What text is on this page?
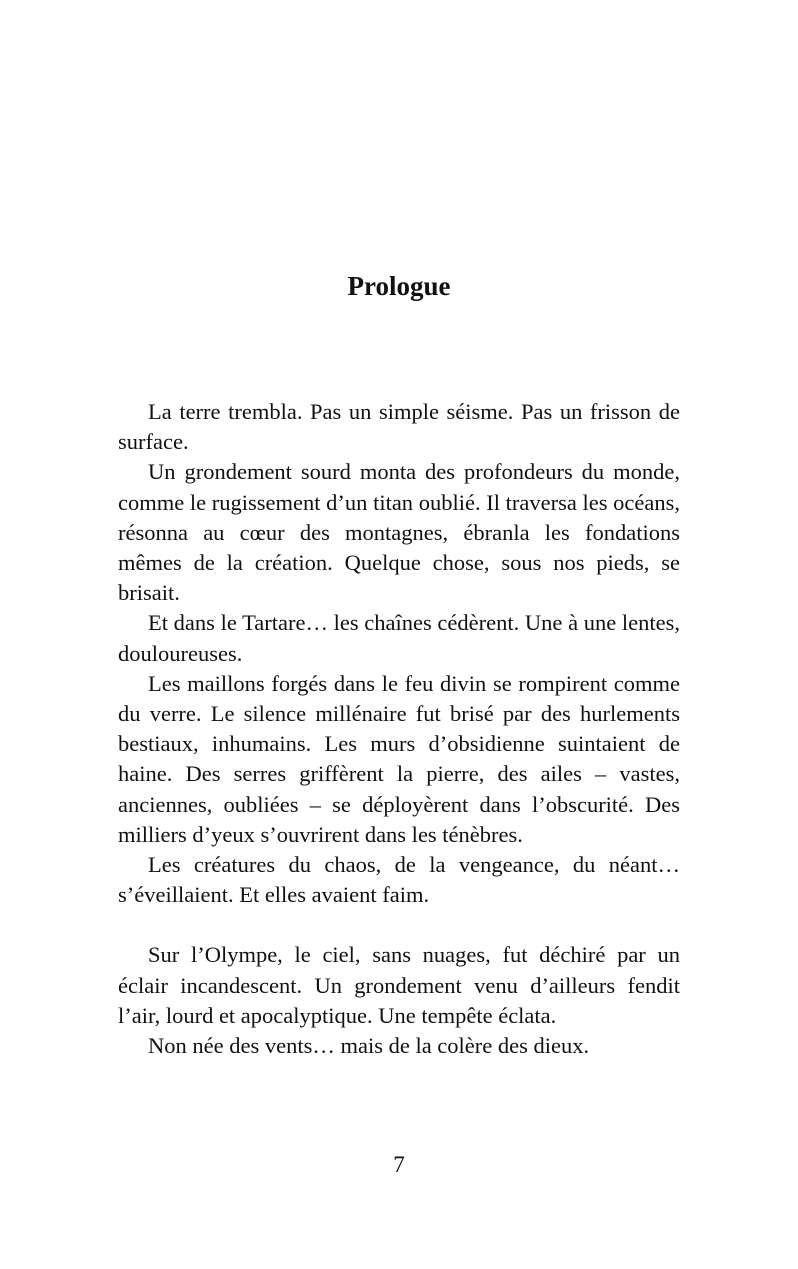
Prologue

La terre trembla. Pas un simple séisme. Pas un frisson de surface.

Un grondement sourd monta des profondeurs du monde, comme le rugissement d’un titan oublié. Il traversa les océans, résonna au cœur des montagnes, ébranla les fondations mêmes de la création. Quelque chose, sous nos pieds, se brisait.

Et dans le Tartare… les chaînes cédèrent. Une à une lentes, douloureuses.

Les maillons forgés dans le feu divin se rompirent comme du verre. Le silence millénaire fut brisé par des hurlements bestiaux, inhumains. Les murs d’obsidienne suintaient de haine. Des serres griffèrent la pierre, des ailes – vastes, anciennes, oubliées – se déployèrent dans l’obscurité. Des milliers d’yeux s’ouvrirent dans les ténèbres.

Les créatures du chaos, de la vengeance, du néant… s’éveillaient. Et elles avaient faim.

Sur l’Olympe, le ciel, sans nuages, fut déchiré par un éclair incandescent. Un grondement venu d’ailleurs fendit l’air, lourd et apocalyptique. Une tempête éclata.

Non née des vents… mais de la colère des dieux.

7
